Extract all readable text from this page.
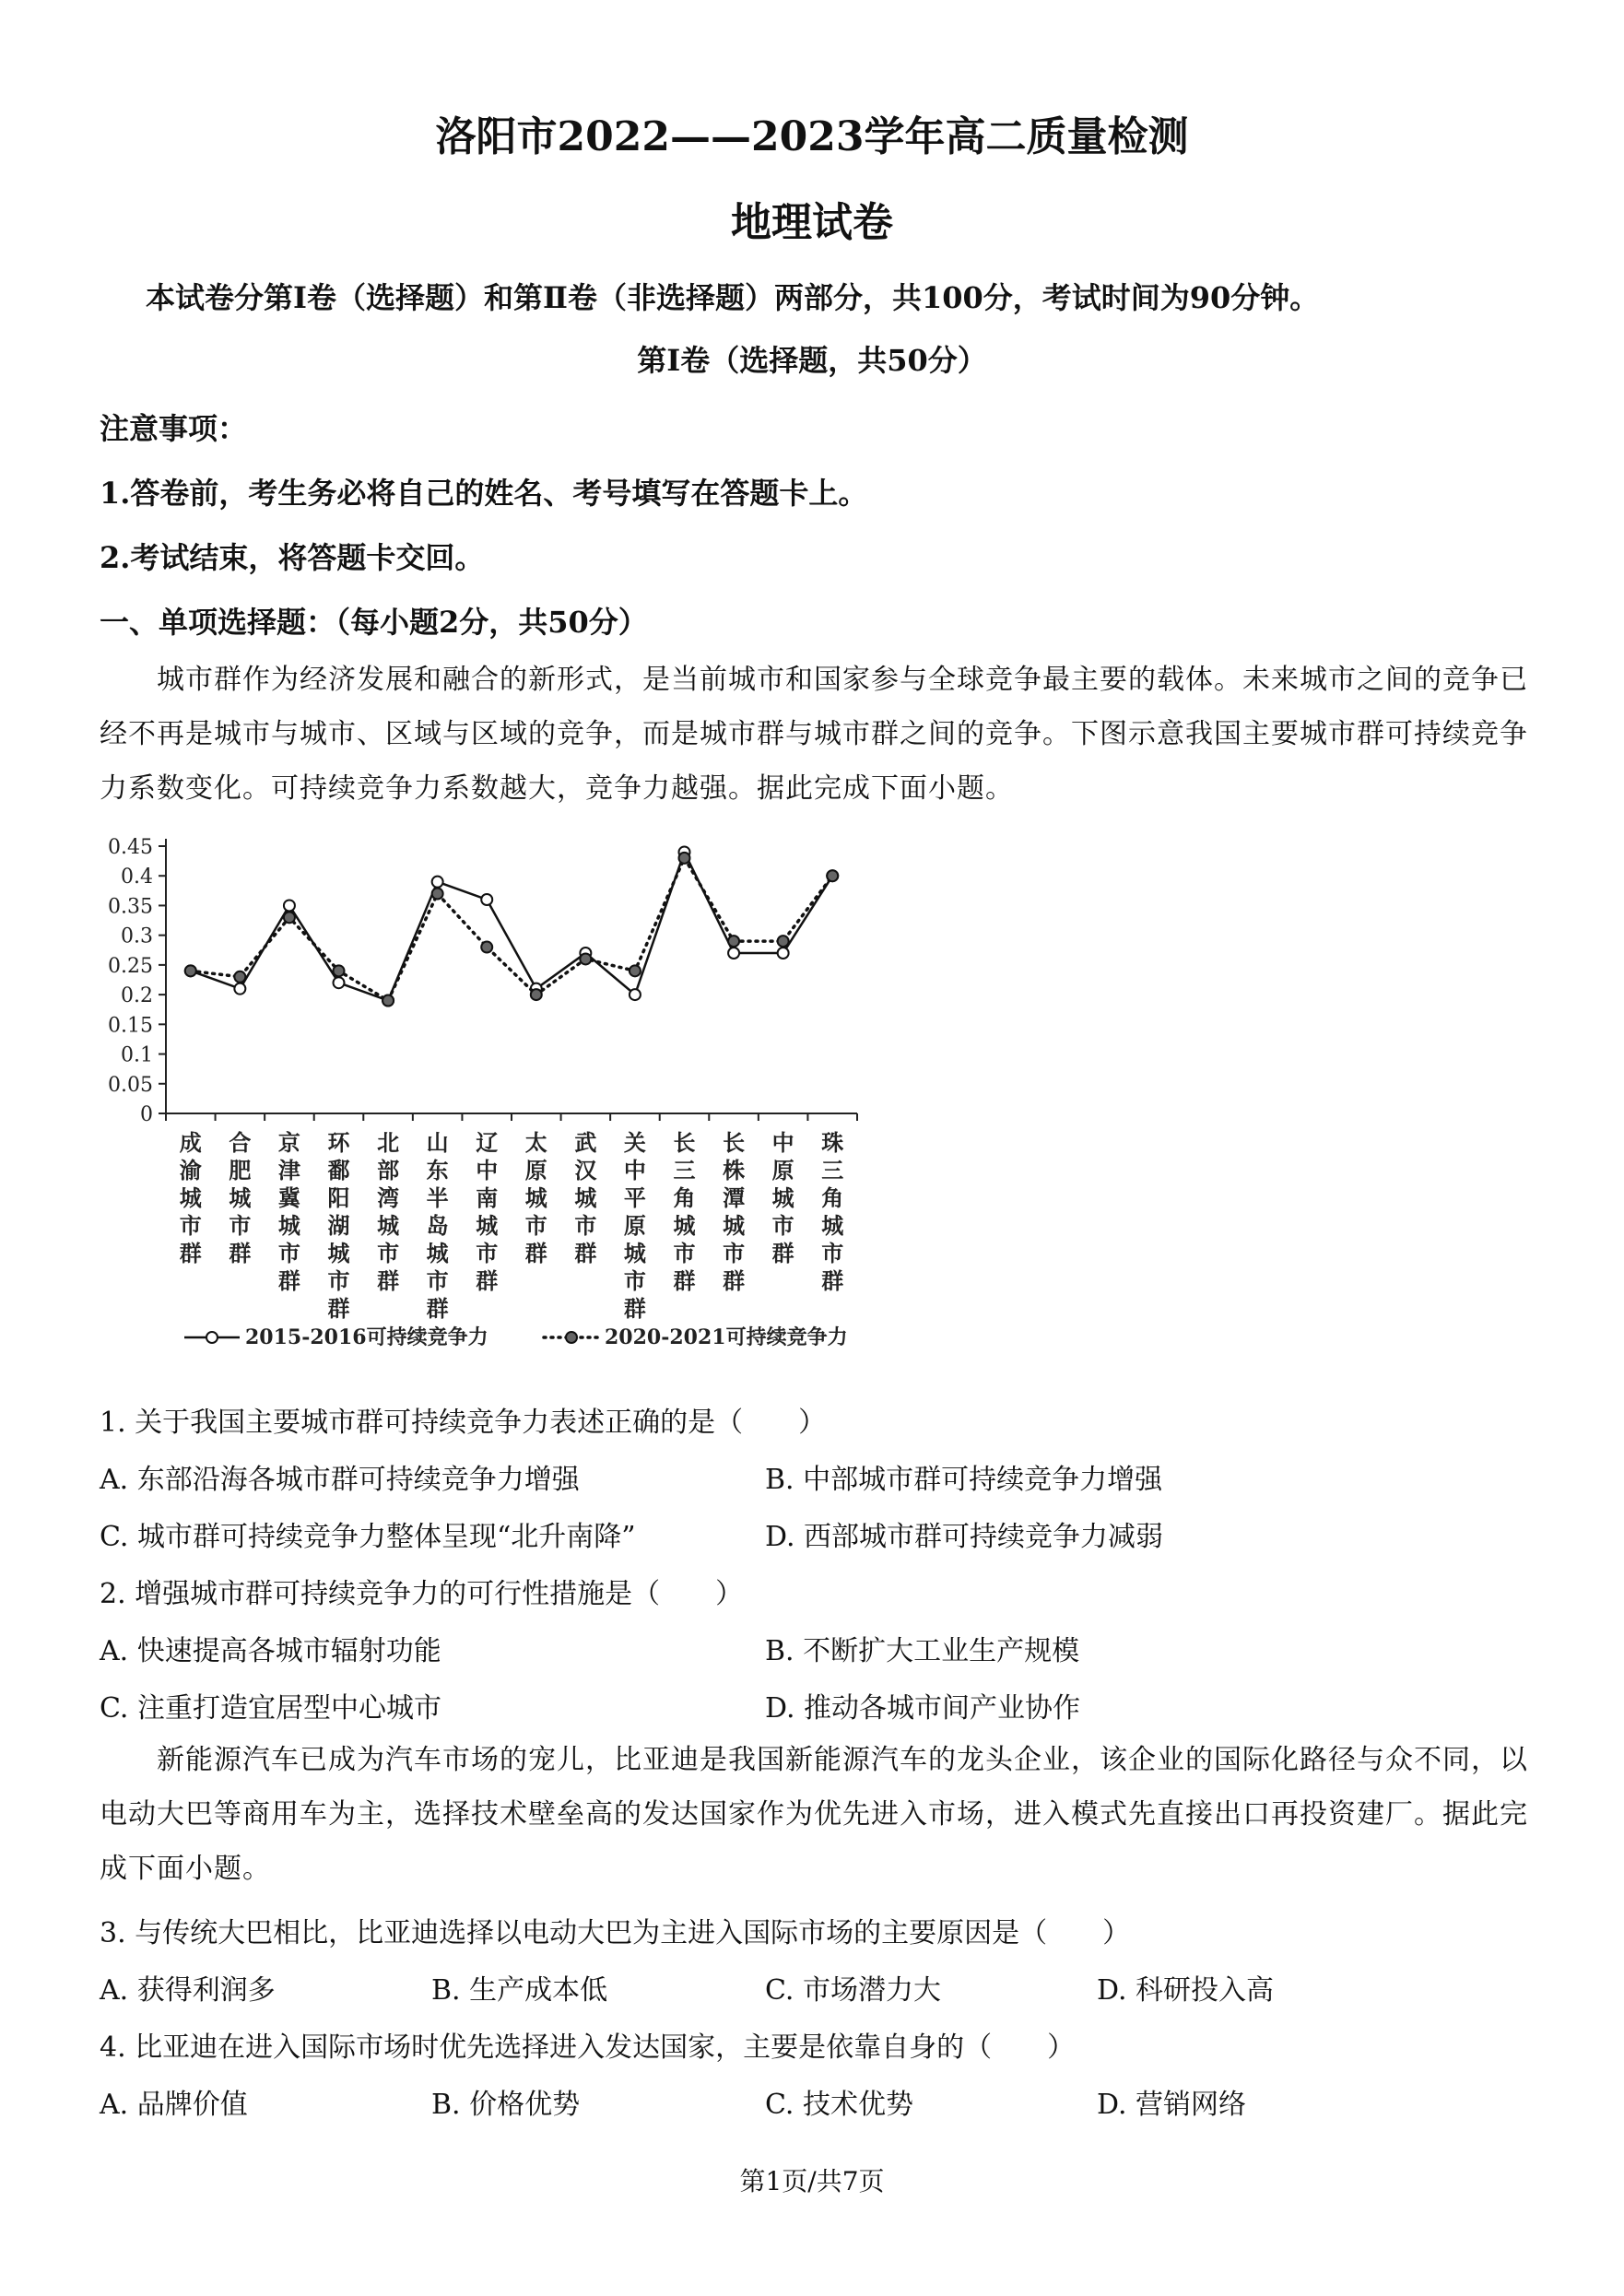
洛阳市2022——2023学年高二质量检测
地理试卷
本试卷分第Ⅰ卷（选择题）和第Ⅱ卷（非选择题）两部分，共100分，考试时间为90分钟。
第Ⅰ卷（选择题，共50分）
注意事项：
1.答卷前，考生务必将自己的姓名、考号填写在答题卡上。
2.考试结束，将答题卡交回。
一、单项选择题：（每小题2分，共50分）
城市群作为经济发展和融合的新形式，是当前城市和国家参与全球竞争最主要的载体。未来城市之间的竞争已经不再是城市与城市、区域与区域的竞争，而是城市群与城市群之间的竞争。下图示意我国主要城市群可持续竞争力系数变化。可持续竞争力系数越大，竞争力越强。据此完成下面小题。
0
0.05
0.1
0.15
0.2
0.25
0.3
0.35
0.4
0.45
成
渝
城
市
群
合
肥
城
市
群
京
津
冀
城
市
群
环
鄱
阳
湖
城
市
群
北
部
湾
城
市
群
山
东
半
岛
城
市
群
辽
中
南
城
市
群
太
原
城
市
群
武
汉
城
市
群
关
中
平
原
城
市
群
长
三
角
城
市
群
长
株
潭
城
市
群
中
原
城
市
群
珠
三
角
城
市
群
2015-2016可持续竞争力	2020-2021可持续竞争力
1. 关于我国主要城市群可持续竞争力表述正确的是（　　）
A. 东部沿海各城市群可持续竞争力增强	B. 中部城市群可持续竞争力增强
C. 城市群可持续竞争力整体呈现“北升南降”	D. 西部城市群可持续竞争力减弱
2. 增强城市群可持续竞争力的可行性措施是（　　）
A. 快速提高各城市辐射功能	B. 不断扩大工业生产规模
C. 注重打造宜居型中心城市	D. 推动各城市间产业协作
新能源汽车已成为汽车市场的宠儿，比亚迪是我国新能源汽车的龙头企业，该企业的国际化路径与众不同，以电动大巴等商用车为主，选择技术壁垒高的发达国家作为优先进入市场，进入模式先直接出口再投资建厂。据此完成下面小题。
3. 与传统大巴相比，比亚迪选择以电动大巴为主进入国际市场的主要原因是（　　）
A. 获得利润多	B. 生产成本低	C. 市场潜力大	D. 科研投入高
4. 比亚迪在进入国际市场时优先选择进入发达国家，主要是依靠自身的（　　）
A. 品牌价值	B. 价格优势	C. 技术优势	D. 营销网络
第1页/共7页
